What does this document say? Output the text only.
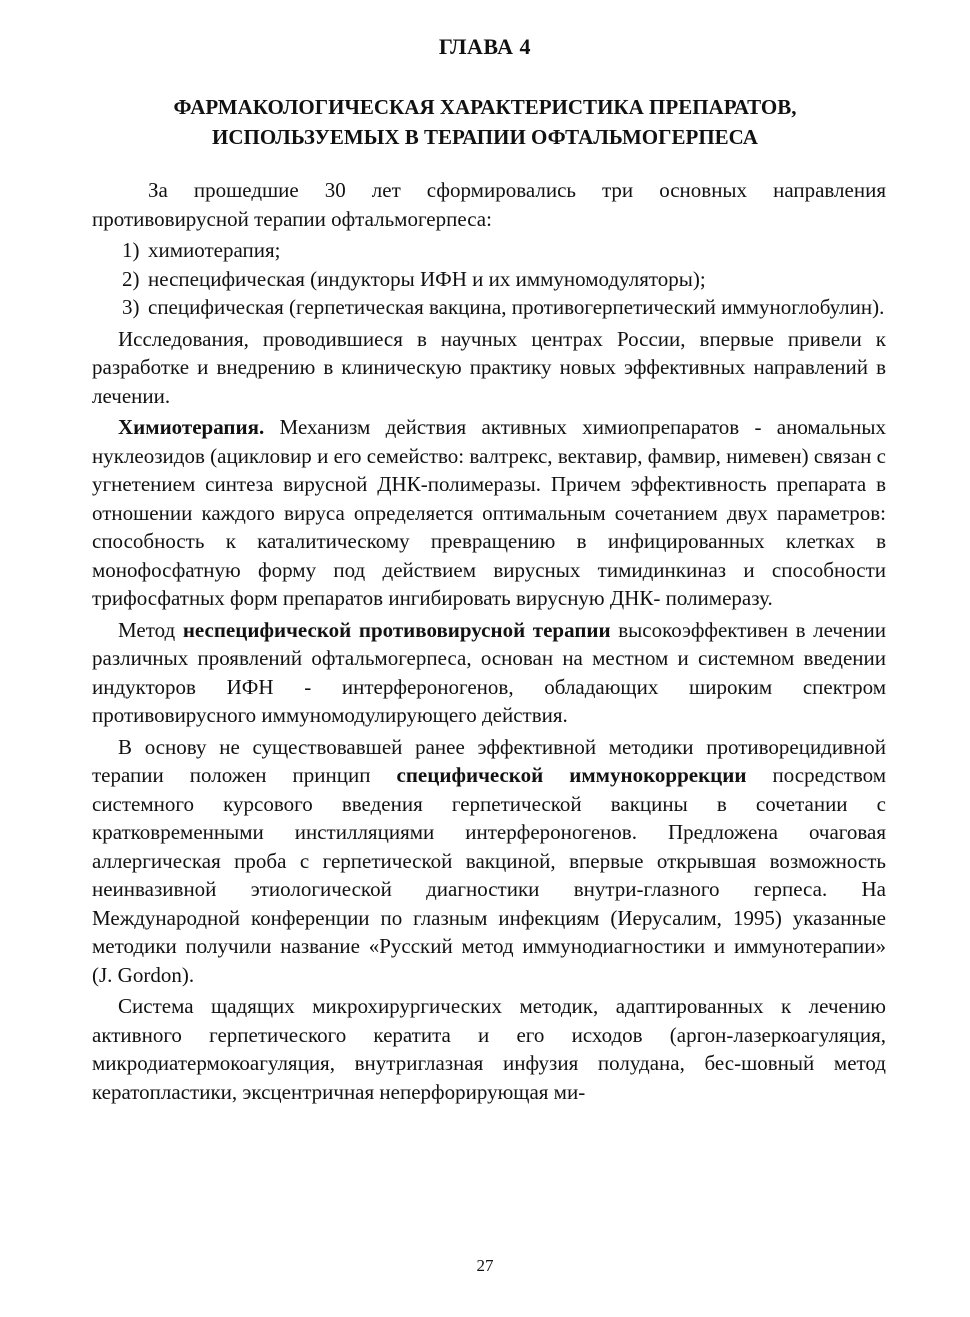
ГЛАВА 4
ФАРМАКОЛОГИЧЕСКАЯ ХАРАКТЕРИСТИКА ПРЕПАРАТОВ,
ИСПОЛЬЗУЕМЫХ В ТЕРАПИИ ОФТАЛЬМОГЕРПЕСА

За прошедшие 30 лет сформировались три основных направления противовирусной терапии офтальмогерпеса:

1) химиотерапия;
2) неспецифическая (индукторы ИФН и их иммуномодуляторы);
3) специфическая (герпетическая вакцина, противогерпетический иммуноглобулин).

Исследования, проводившиеся в научных центрах России, впервые привели к разработке и внедрению в клиническую практику новых эффективных направлений в лечении.

Химиотерапия. Механизм действия активных химиопрепаратов - аномальных нуклеозидов (ацикловир и его семейство: валтрекс, вектавир, фамвир, нимевен) связан с угнетением синтеза вирусной ДНК-полимеразы. Причем эффективность препарата в отношении каждого вируса определяется оптимальным сочетанием двух параметров: способность к каталитическому превращению в инфицированных клетках в монофосфатную форму под действием вирусных тимидинкиназ и способности трифосфатных форм препаратов ингибировать вирусную ДНК- полимеразу.

Метод неспецифической противовирусной терапии высокоэффективен в лечении различных проявлений офтальмогерпеса, основан на местном и системном введении индукторов ИФН - интерфероногенов, обладающих широким спектром противовирусного иммуномодулирующего действия.

В основу не существовавшей ранее эффективной методики противорецидивной терапии положен принцип специфической иммунокоррекции посредством системного курсового введения герпетической вакцины в сочетании с кратковременными инстилляциями интерфероногенов. Предложена очаговая аллергическая проба с герпетической вакциной, впервые открывшая возможность неинвазивной этиологической диагностики внутри-глазного герпеса. На Международной конференции по глазным инфекциям (Иерусалим, 1995) указанные методики получили название «Русский метод иммунодиагностики и иммунотерапии» (J. Gordon).

Система щадящих микрохирургических методик, адаптированных к лечению активного герпетического кератита и его исходов (аргон-лазеркоагуляция, микродиатермокоагуляция, внутриглазная инфузия полудана, бес-шовный метод кератопластики, эксцентричная неперфорирующая ми-

27
